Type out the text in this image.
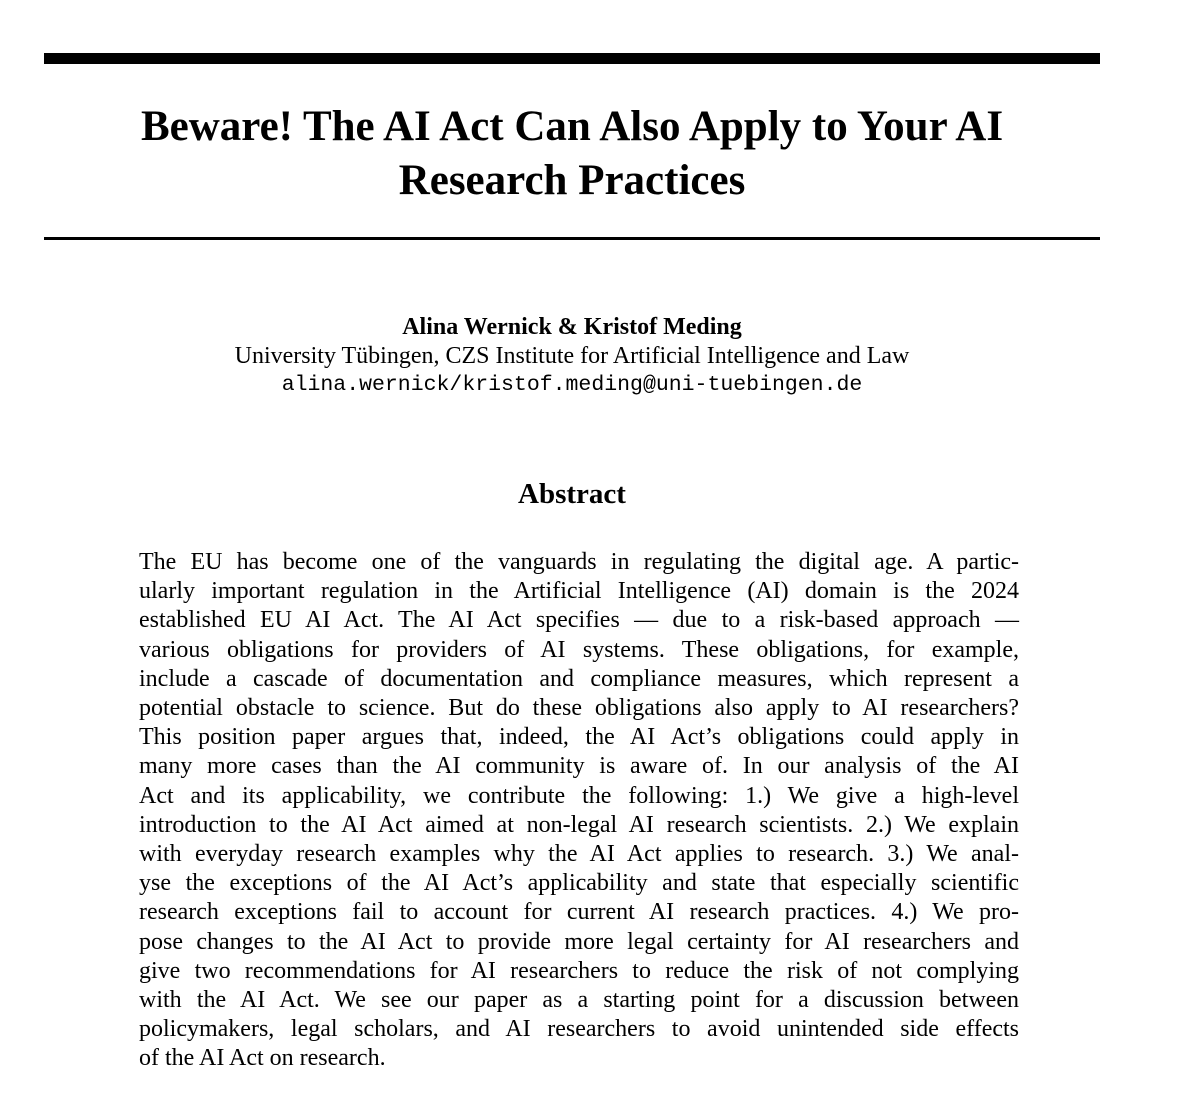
Beware! The AI Act Can Also Apply to Your AI
Research Practices
Alina Wernick & Kristof Meding
University Tübingen, CZS Institute for Artificial Intelligence and Law
alina.wernick/kristof.meding@uni-tuebingen.de
Abstract
The EU has become one of the vanguards in regulating the digital age. A partic-
ularly important regulation in the Artificial Intelligence (AI) domain is the 2024
established EU AI Act. The AI Act specifies — due to a risk-based approach —
various obligations for providers of AI systems. These obligations, for example,
include a cascade of documentation and compliance measures, which represent a
potential obstacle to science. But do these obligations also apply to AI researchers?
This position paper argues that, indeed, the AI Act’s obligations could apply in
many more cases than the AI community is aware of. In our analysis of the AI
Act and its applicability, we contribute the following: 1.) We give a high-level
introduction to the AI Act aimed at non-legal AI research scientists. 2.) We explain
with everyday research examples why the AI Act applies to research. 3.) We anal-
yse the exceptions of the AI Act’s applicability and state that especially scientific
research exceptions fail to account for current AI research practices. 4.) We pro-
pose changes to the AI Act to provide more legal certainty for AI researchers and
give two recommendations for AI researchers to reduce the risk of not complying
with the AI Act. We see our paper as a starting point for a discussion between
policymakers, legal scholars, and AI researchers to avoid unintended side effects
of the AI Act on research.
